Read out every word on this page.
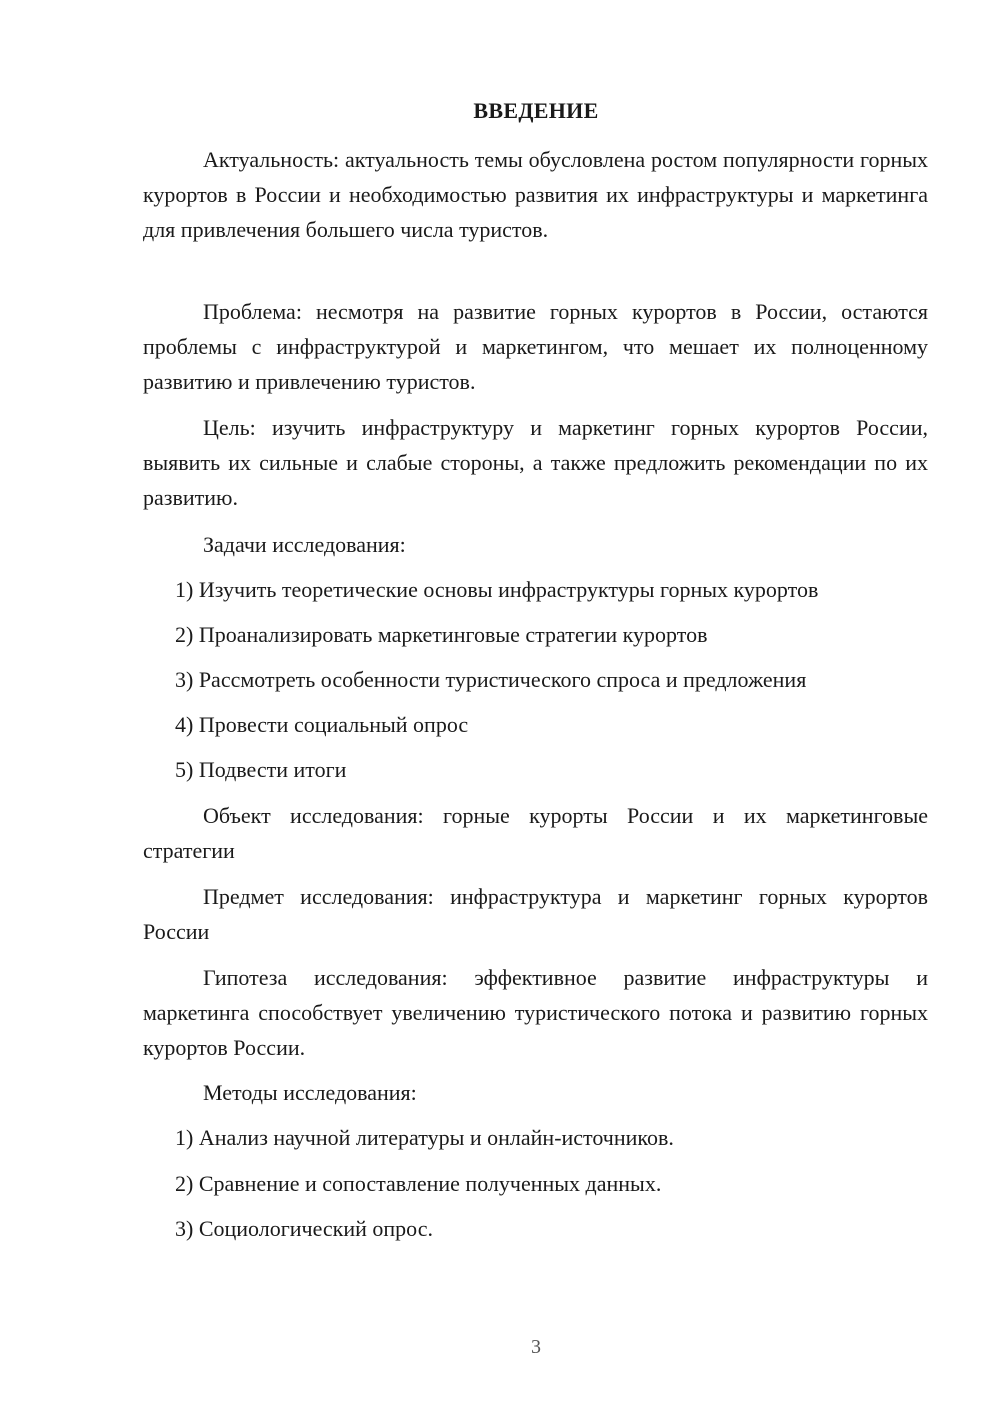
ВВЕДЕНИЕ

Актуальность: актуальность темы обусловлена ростом популярности горных курортов в России и необходимостью развития их инфраструктуры и маркетинга для привлечения большего числа туристов.

Проблема: несмотря на развитие горных курортов в России, остаются проблемы с инфраструктурой и маркетингом, что мешает их полноценному развитию и привлечению туристов.

Цель: изучить инфраструктуру и маркетинг горных курортов России, выявить их сильные и слабые стороны, а также предложить рекомендации по их развитию.

Задачи исследования:

1) Изучить теоретические основы инфраструктуры горных курортов

2) Проанализировать маркетинговые стратегии курортов

3) Рассмотреть особенности туристического спроса и предложения

4) Провести социальный опрос

5) Подвести итоги

Объект исследования: горные курорты России и их маркетинговые стратегии

Предмет исследования: инфраструктура и маркетинг горных курортов России

Гипотеза исследования: эффективное развитие инфраструктуры и маркетинга способствует увеличению туристического потока и развитию горных курортов России.

Методы исследования:

1) Анализ научной литературы и онлайн-источников.

2) Сравнение и сопоставление полученных данных.

3) Социологический опрос.

3
